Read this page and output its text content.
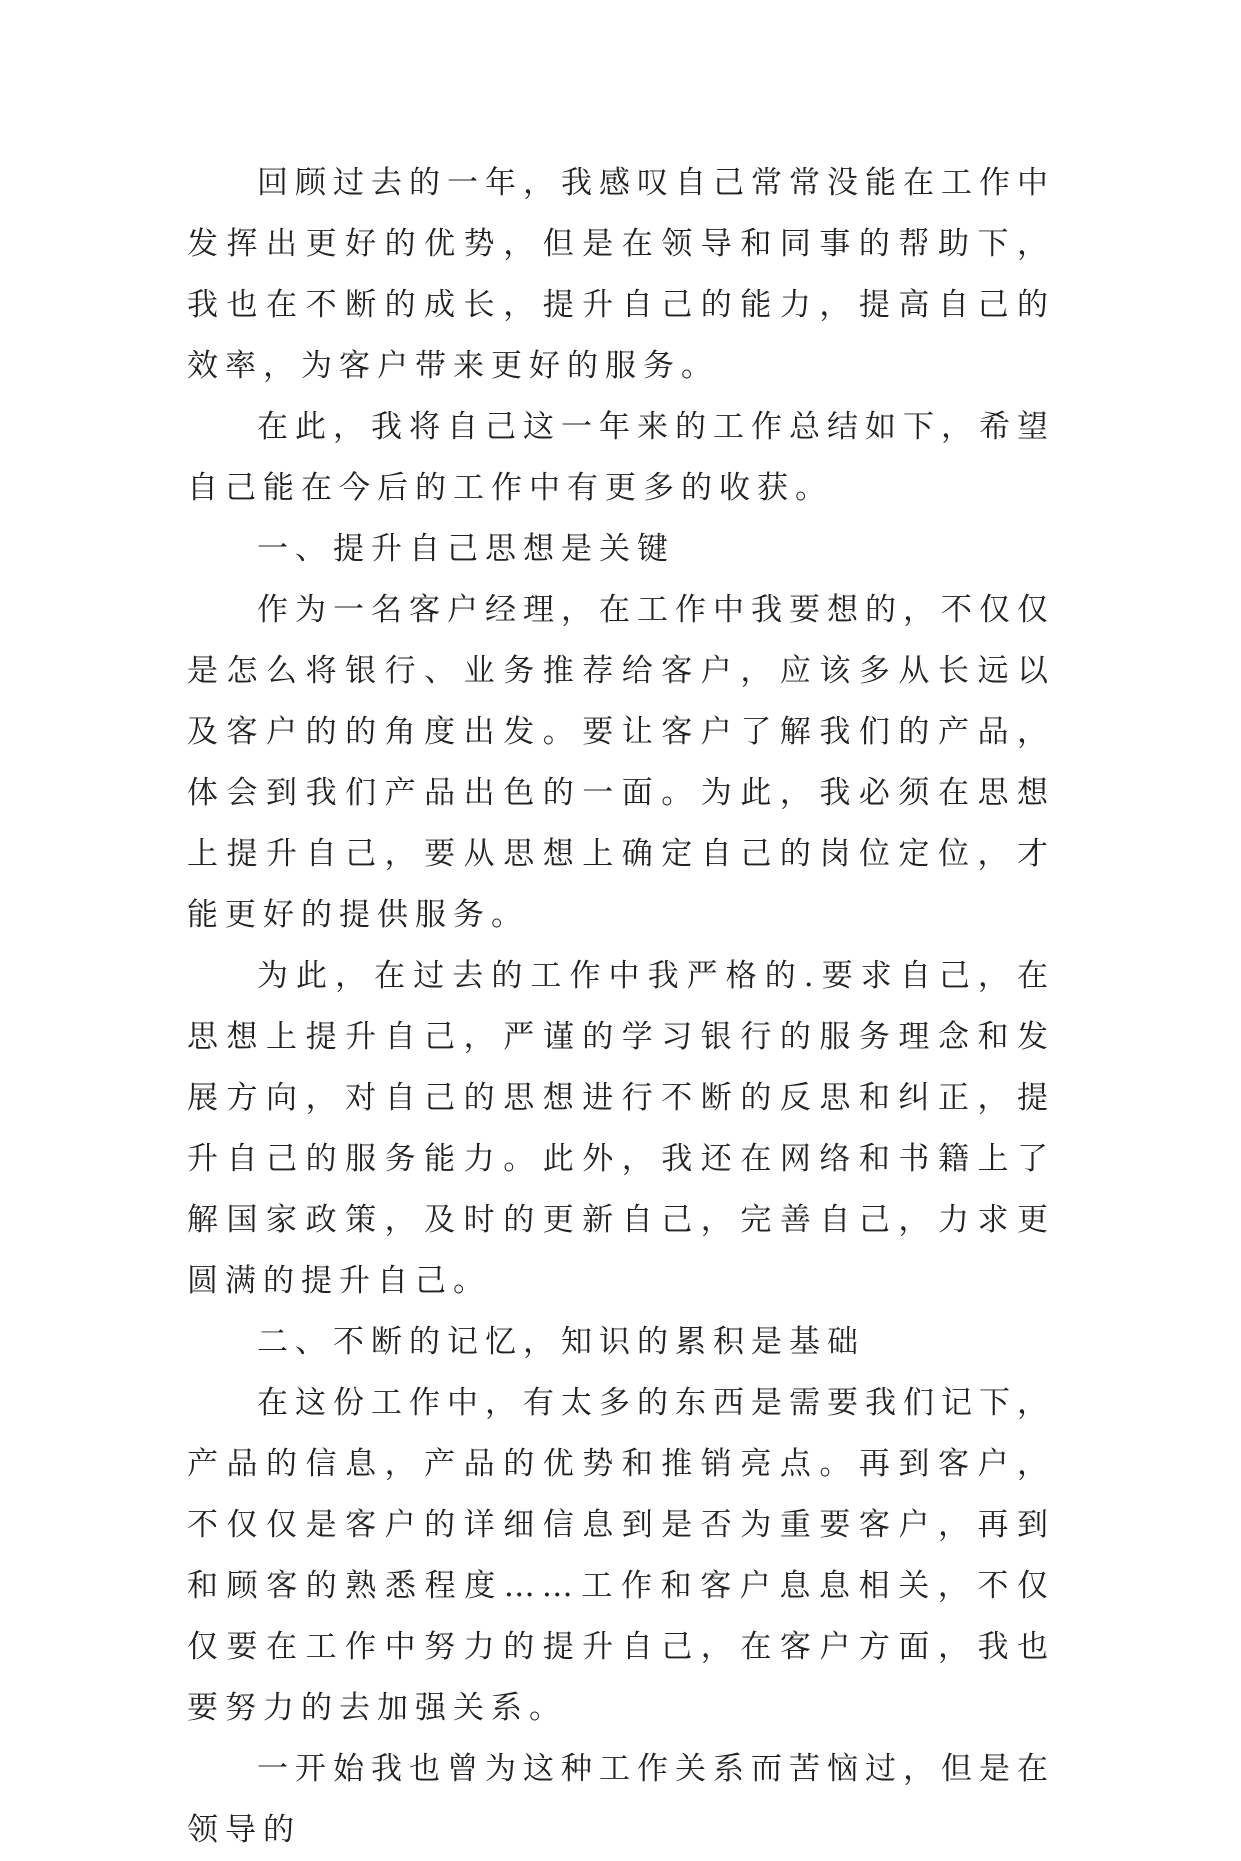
回顾过去的一年，我感叹自己常常没能在工作中发挥出更好的优势，但是在领导和同事的帮助下，我也在不断的成长，提升自己的能力，提高自己的效率，为客户带来更好的服务。

在此，我将自己这一年来的工作总结如下，希望自己能在今后的工作中有更多的收获。

一、提升自己思想是关键

作为一名客户经理，在工作中我要想的，不仅仅是怎么将银行、业务推荐给客户，应该多从长远以及客户的的角度出发。要让客户了解我们的产品，体会到我们产品出色的一面。为此，我必须在思想上提升自己，要从思想上确定自己的岗位定位，才能更好的提供服务。

为此，在过去的工作中我严格的.要求自己，在思想上提升自己，严谨的学习银行的服务理念和发展方向，对自己的思想进行不断的反思和纠正，提升自己的服务能力。此外，我还在网络和书籍上了解国家政策，及时的更新自己，完善自己，力求更圆满的提升自己。

二、不断的记忆，知识的累积是基础

在这份工作中，有太多的东西是需要我们记下，产品的信息，产品的优势和推销亮点。再到客户，不仅仅是客户的详细信息到是否为重要客户，再到和顾客的熟悉程度……工作和客户息息相关，不仅仅要在工作中努力的提升自己，在客户方面，我也要努力的去加强关系。

一开始我也曾为这种工作关系而苦恼过，但是在领导的
